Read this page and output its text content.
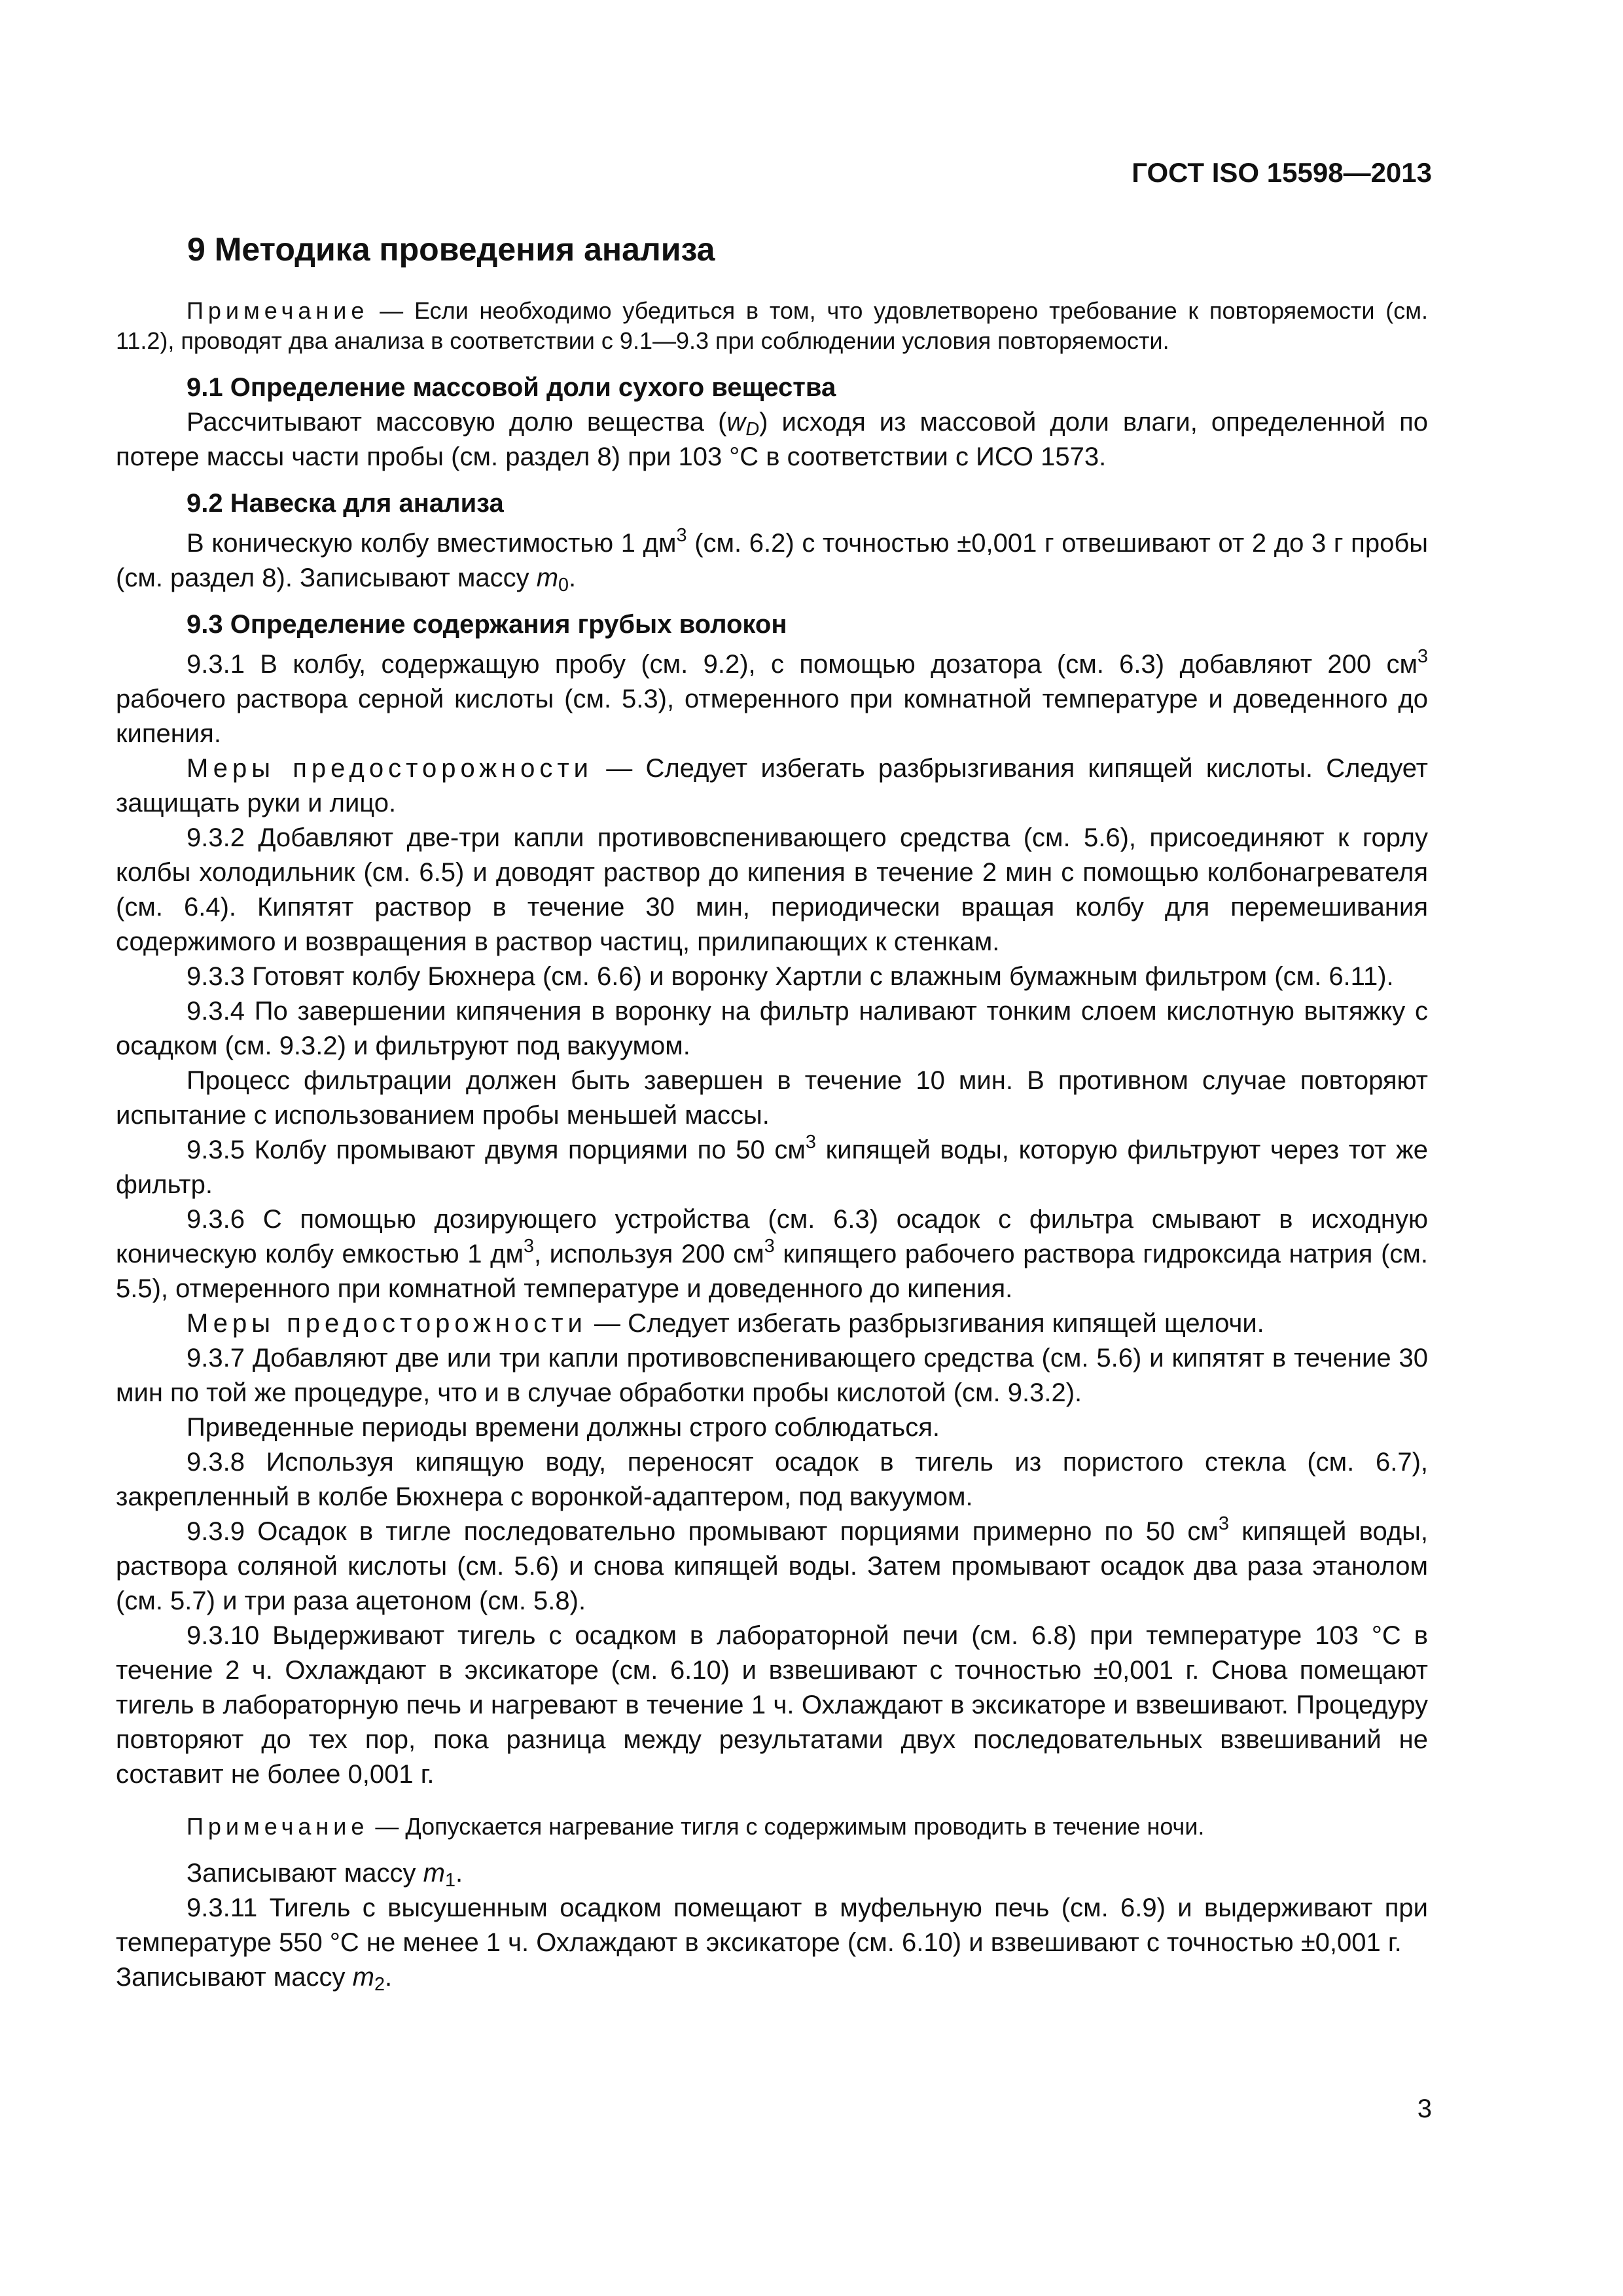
ГОСТ ISO 15598—2013
9 Методика проведения анализа

Примечание — Если необходимо убедиться в том, что удовлетворено требование к повторяемости (см. 11.2), проводят два анализа в соответствии с 9.1—9.3 при соблюдении условия повторяемости.

9.1 Определение массовой доли сухого вещества

Рассчитывают массовую долю вещества $(w_D)$ исходя из массовой доли влаги, определенной по потере массы части пробы (см. раздел 8) при 103 °С в соответствии с ИСО 1573.

9.2 Навеска для анализа

В коническую колбу вместимостью 1 $дм^3$ (см. 6.2) с точностью ±0,001 г отвешивают от 2 до 3 г пробы (см. раздел 8). Записывают массу $m_0$.

9.3 Определение содержания грубых волокон

9.3.1 В колбу, содержащую пробу (см. 9.2), с помощью дозатора (см. 6.3) добавляют 200 $см^3$ рабочего раствора серной кислоты (см. 5.3), отмеренного при комнатной температуре и доведенного до кипения.

Меры предосторожности — Следует избегать разбрызгивания кипящей кислоты. Следует защищать руки и лицо.

9.3.2 Добавляют две-три капли противовспенивающего средства (см. 5.6), присоединяют к горлу колбы холодильник (см. 6.5) и доводят раствор до кипения в течение 2 мин с помощью колбонагревателя (см. 6.4). Кипятят раствор в течение 30 мин, периодически вращая колбу для перемешивания содержимого и возвращения в раствор частиц, прилипающих к стенкам.

9.3.3 Готовят колбу Бюхнера (см. 6.6) и воронку Хартли с влажным бумажным фильтром (см. 6.11).

9.3.4 По завершении кипячения в воронку на фильтр наливают тонким слоем кислотную вытяжку с осадком (см. 9.3.2) и фильтруют под вакуумом.

Процесс фильтрации должен быть завершен в течение 10 мин. В противном случае повторяют испытание с использованием пробы меньшей массы.

9.3.5 Колбу промывают двумя порциями по 50 $см^3$ кипящей воды, которую фильтруют через тот же фильтр.

9.3.6 С помощью дозирующего устройства (см. 6.3) осадок с фильтра смывают в исходную коническую колбу емкостью 1 $дм^3$, используя 200 $см^3$ кипящего рабочего раствора гидроксида натрия (см. 5.5), отмеренного при комнатной температуре и доведенного до кипения.

Меры предосторожности — Следует избегать разбрызгивания кипящей щелочи.

9.3.7 Добавляют две или три капли противовспенивающего средства (см. 5.6) и кипятят в течение 30 мин по той же процедуре, что и в случае обработки пробы кислотой (см. 9.3.2).

Приведенные периоды времени должны строго соблюдаться.

9.3.8 Используя кипящую воду, переносят осадок в тигель из пористого стекла (см. 6.7), закрепленный в колбе Бюхнера с воронкой-адаптером, под вакуумом.

9.3.9 Осадок в тигле последовательно промывают порциями примерно по 50 $см^3$ кипящей воды, раствора соляной кислоты (см. 5.6) и снова кипящей воды. Затем промывают осадок два раза этанолом (см. 5.7) и три раза ацетоном (см. 5.8).

9.3.10 Выдерживают тигель с осадком в лабораторной печи (см. 6.8) при температуре 103 °С в течение 2 ч. Охлаждают в эксикаторе (см. 6.10) и взвешивают с точностью ±0,001 г. Снова помещают тигель в лабораторную печь и нагревают в течение 1 ч. Охлаждают в эксикаторе и взвешивают. Процедуру повторяют до тех пор, пока разница между результатами двух последовательных взвешиваний не составит не более 0,001 г.

Примечание — Допускается нагревание тигля с содержимым проводить в течение ночи.

Записывают массу $m_1$.

9.3.11 Тигель с высушенным осадком помещают в муфельную печь (см. 6.9) и выдерживают при температуре 550 °С не менее 1 ч. Охлаждают в эксикаторе (см. 6.10) и взвешивают с точностью ±0,001 г.

Записывают массу $m_2$.

3
